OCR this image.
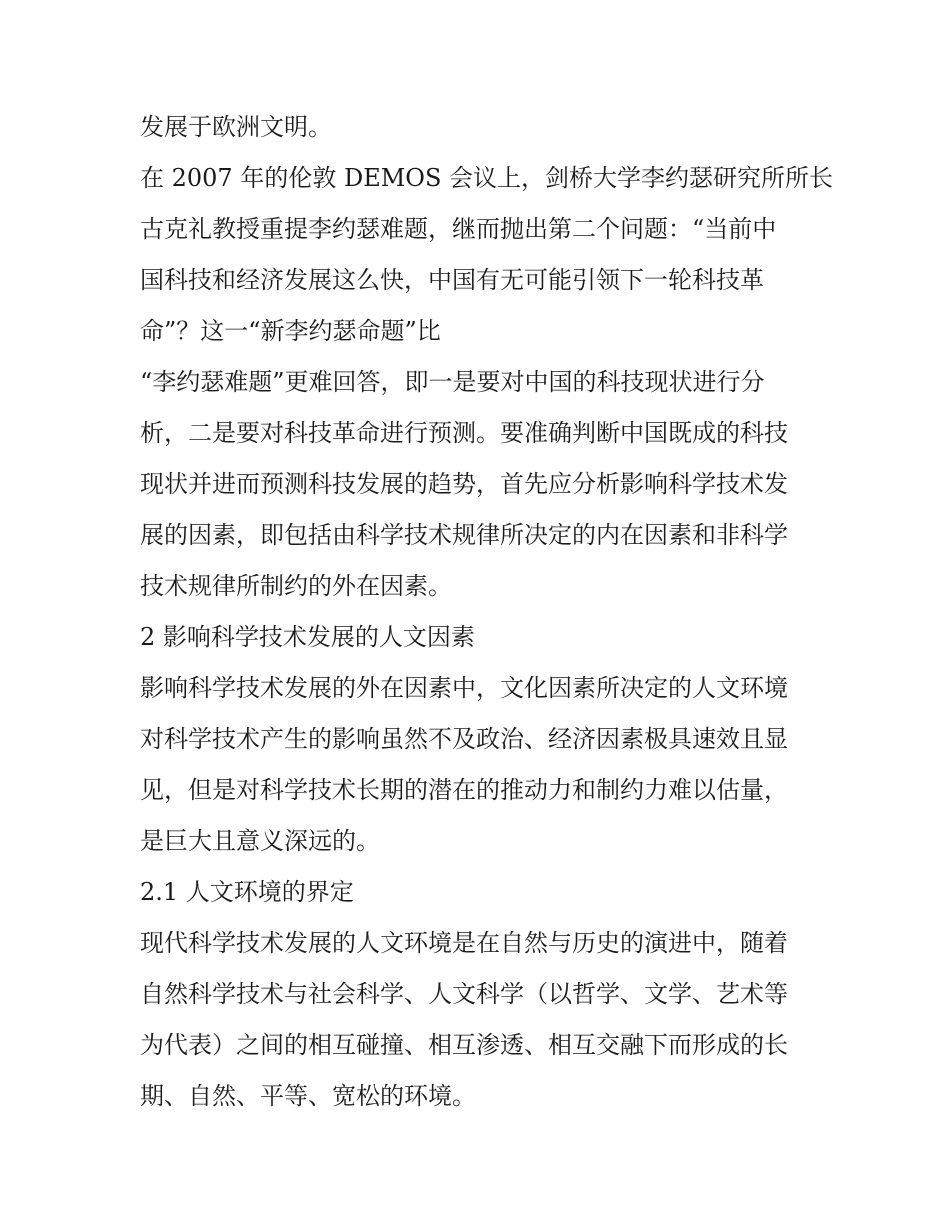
发展于欧洲文明。
在 2007 年的伦敦 DEMOS 会议上，剑桥大学李约瑟研究所所长
古克礼教授重提李约瑟难题，继而抛出第二个问题：“当前中
国科技和经济发展这么快，中国有无可能引领下一轮科技革
命”？这一“新李约瑟命题”比
“李约瑟难题”更难回答，即一是要对中国的科技现状进行分
析，二是要对科技革命进行预测。要准确判断中国既成的科技
现状并进而预测科技发展的趋势，首先应分析影响科学技术发
展的因素，即包括由科学技术规律所决定的内在因素和非科学
技术规律所制约的外在因素。
2 影响科学技术发展的人文因素
影响科学技术发展的外在因素中，文化因素所决定的人文环境
对科学技术产生的影响虽然不及政治、经济因素极具速效且显
见，但是对科学技术长期的潜在的推动力和制约力难以估量，
是巨大且意义深远的。
2.1 人文环境的界定
现代科学技术发展的人文环境是在自然与历史的演进中，随着
自然科学技术与社会科学、人文科学（以哲学、文学、艺术等
为代表）之间的相互碰撞、相互渗透、相互交融下而形成的长
期、自然、平等、宽松的环境。
